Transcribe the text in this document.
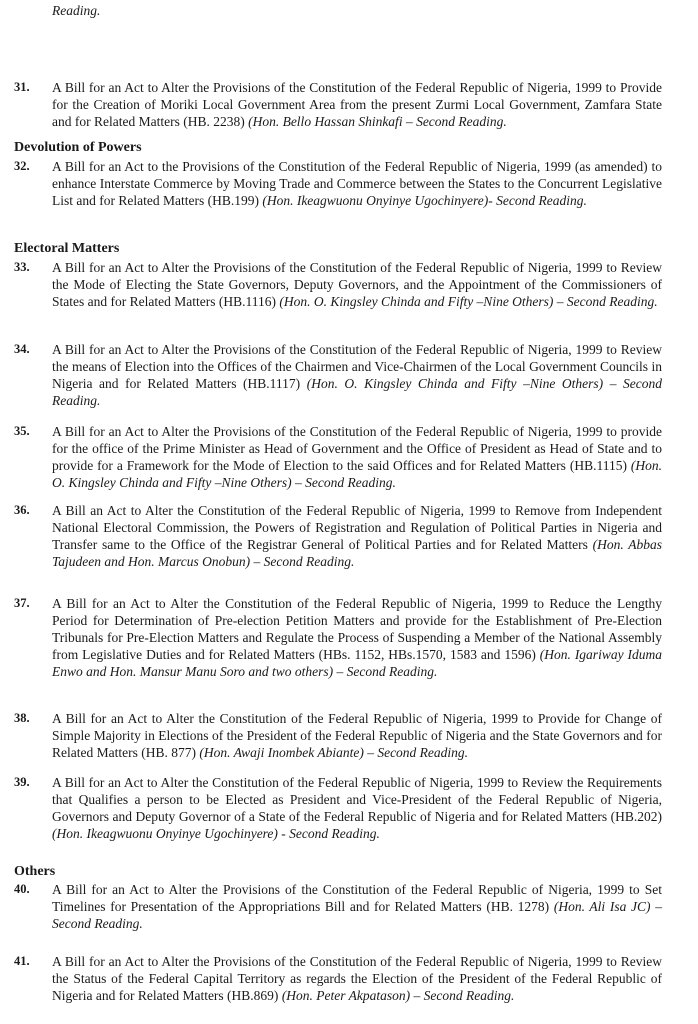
Reading.
31.	A Bill for an Act to Alter the Provisions of the Constitution of the Federal Republic of Nigeria, 1999 to Provide for the Creation of Moriki Local Government Area from the present Zurmi Local Government, Zamfara State and for Related Matters (HB. 2238) (Hon. Bello Hassan Shinkafi – Second Reading.
Devolution of Powers
32.	A Bill for an Act to the Provisions of the Constitution of the Federal Republic of Nigeria, 1999 (as amended) to enhance Interstate Commerce by Moving Trade and Commerce between the States to the Concurrent Legislative List and for Related Matters (HB.199) (Hon. Ikeagwuonu Onyinye Ugochinyere)- Second Reading.
Electoral Matters
33.	A Bill for an Act to Alter the Provisions of the Constitution of the Federal Republic of Nigeria, 1999 to Review the Mode of Electing the State Governors, Deputy Governors, and the Appointment of the Commissioners of States and for Related Matters (HB.1116) (Hon. O. Kingsley Chinda and Fifty –Nine Others) – Second Reading.
34.	A Bill for an Act to Alter the Provisions of the Constitution of the Federal Republic of Nigeria, 1999 to Review the means of Election into the Offices of the Chairmen and Vice-Chairmen of the Local Government Councils in Nigeria and for Related Matters (HB.1117) (Hon. O. Kingsley Chinda and Fifty –Nine Others) – Second Reading.
35.	A Bill for an Act to Alter the Provisions of the Constitution of the Federal Republic of Nigeria, 1999 to provide for the office of the Prime Minister as Head of Government and the Office of President as Head of State and to provide for a Framework for the Mode of Election to the said Offices and for Related Matters (HB.1115) (Hon. O. Kingsley Chinda and Fifty –Nine Others) – Second Reading.
36.	A Bill an Act to Alter the Constitution of the Federal Republic of Nigeria, 1999 to Remove from Independent National Electoral Commission, the Powers of Registration and Regulation of Political Parties in Nigeria and Transfer same to the Office of the Registrar General of Political Parties and for Related Matters (Hon. Abbas Tajudeen and Hon. Marcus Onobun) – Second Reading.
37.	A Bill for an Act to Alter the Constitution of the Federal Republic of Nigeria, 1999 to Reduce the Lengthy Period for Determination of Pre-election Petition Matters and provide for the Establishment of Pre-Election Tribunals for Pre-Election Matters and Regulate the Process of Suspending a Member of the National Assembly from Legislative Duties and for Related Matters (HBs. 1152, HBs.1570, 1583 and 1596) (Hon. Igariway Iduma Enwo and Hon. Mansur Manu Soro and two others) – Second Reading.
38.	A Bill for an Act to Alter the Constitution of the Federal Republic of Nigeria, 1999 to Provide for Change of Simple Majority in Elections of the President of the Federal Republic of Nigeria and the State Governors and for Related Matters (HB. 877) (Hon. Awaji Inombek Abiante) – Second Reading.
39.	A Bill for an Act to Alter the Constitution of the Federal Republic of Nigeria, 1999 to Review the Requirements that Qualifies a person to be Elected as President and Vice-President of the Federal Republic of Nigeria, Governors and Deputy Governor of a State of the Federal Republic of Nigeria and for Related Matters (HB.202) (Hon. Ikeagwuonu Onyinye Ugochinyere) - Second Reading.
Others
40.	A Bill for an Act to Alter the Provisions of the Constitution of the Federal Republic of Nigeria, 1999 to Set Timelines for Presentation of the Appropriations Bill and for Related Matters (HB. 1278) (Hon. Ali Isa JC) – Second Reading.
41.	A Bill for an Act to Alter the Provisions of the Constitution of the Federal Republic of Nigeria, 1999 to Review the Status of the Federal Capital Territory as regards the Election of the President of the Federal Republic of Nigeria and for Related Matters (HB.869) (Hon. Peter Akpatason) – Second Reading.
